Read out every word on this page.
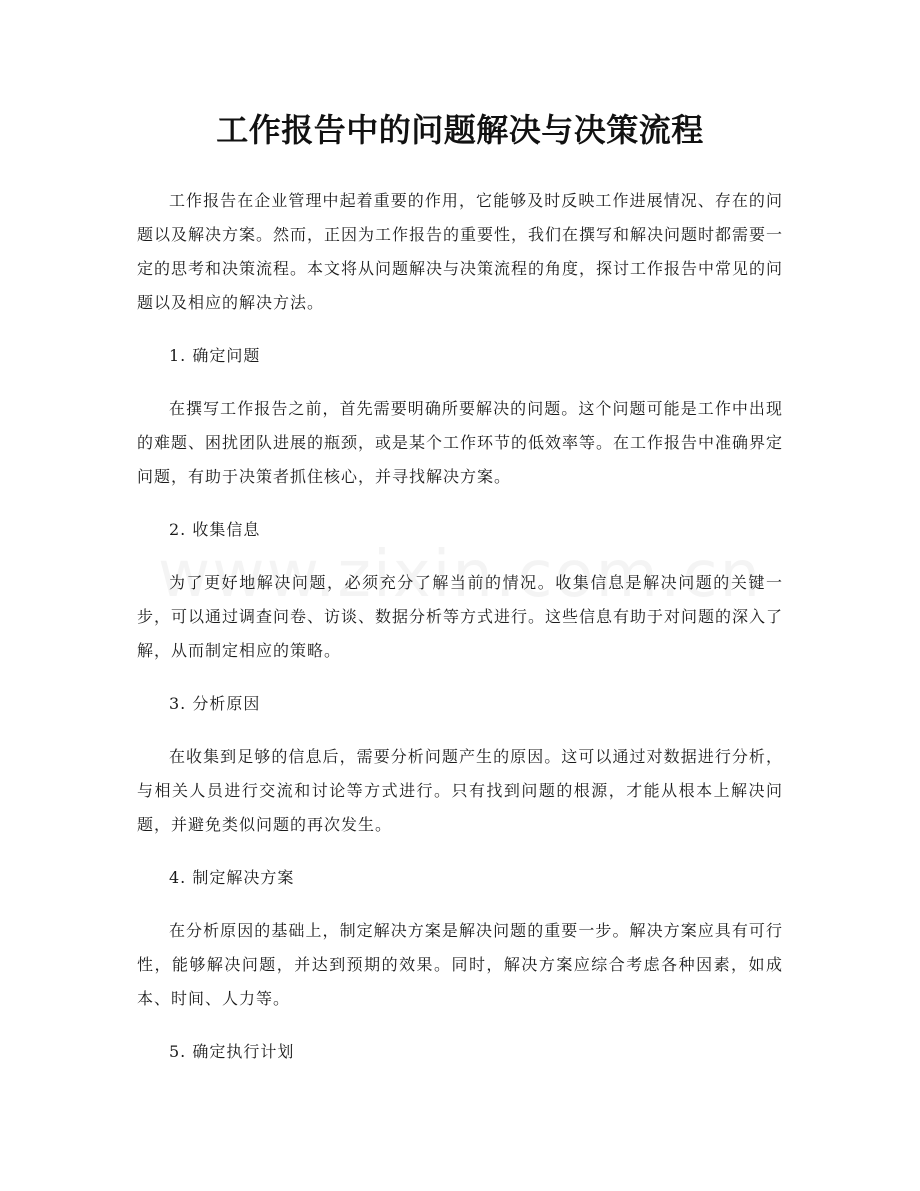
工作报告中的问题解决与决策流程

工作报告在企业管理中起着重要的作用，它能够及时反映工作进展情况、存在的问题以及解决方案。然而，正因为工作报告的重要性，我们在撰写和解决问题时都需要一定的思考和决策流程。本文将从问题解决与决策流程的角度，探讨工作报告中常见的问题以及相应的解决方法。

1. 确定问题

在撰写工作报告之前，首先需要明确所要解决的问题。这个问题可能是工作中出现的难题、困扰团队进展的瓶颈，或是某个工作环节的低效率等。在工作报告中准确界定问题，有助于决策者抓住核心，并寻找解决方案。

2. 收集信息

为了更好地解决问题，必须充分了解当前的情况。收集信息是解决问题的关键一步，可以通过调查问卷、访谈、数据分析等方式进行。这些信息有助于对问题的深入了解，从而制定相应的策略。

3. 分析原因

在收集到足够的信息后，需要分析问题产生的原因。这可以通过对数据进行分析，与相关人员进行交流和讨论等方式进行。只有找到问题的根源，才能从根本上解决问题，并避免类似问题的再次发生。

4. 制定解决方案

在分析原因的基础上，制定解决方案是解决问题的重要一步。解决方案应具有可行性，能够解决问题，并达到预期的效果。同时，解决方案应综合考虑各种因素，如成本、时间、人力等。

5. 确定执行计划
